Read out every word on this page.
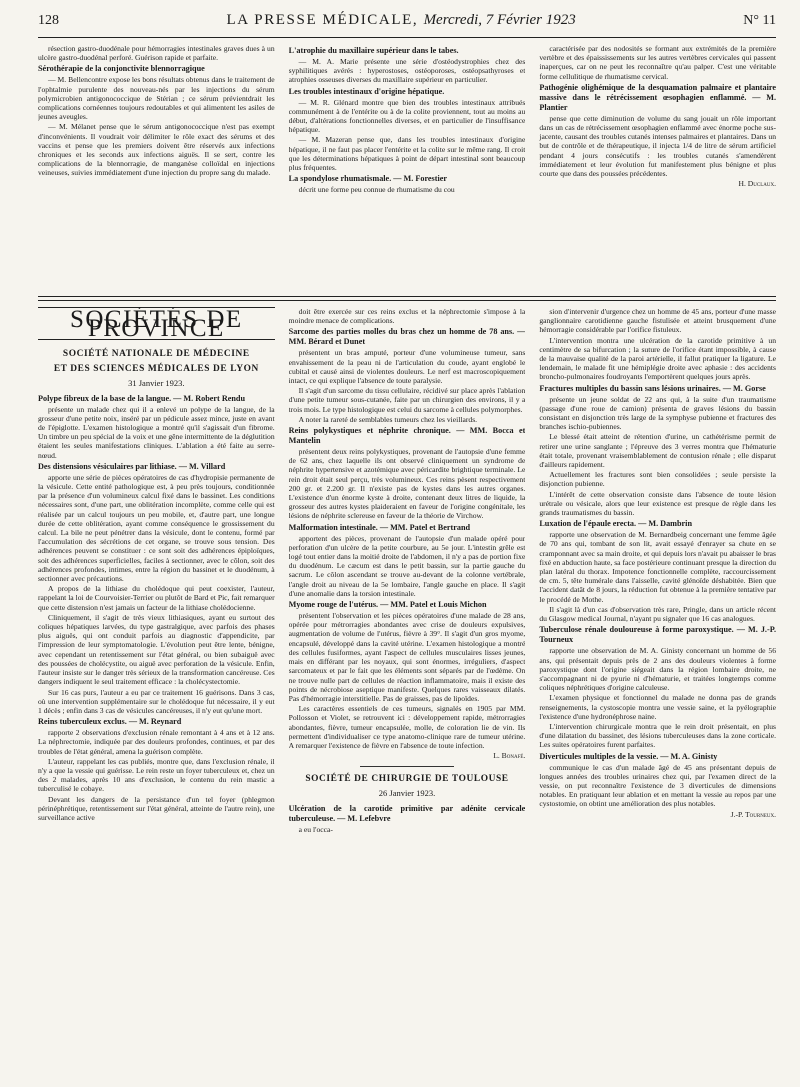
128	LA PRESSE MÉDICALE, Mercredi, 7 Février 1923	N° 11

résection gastro-duodénale pour hémorragies intestinales graves dues à un ulcère gastro-duodénal perforé. Guérison rapide et parfaite.

Sérothérapie de la conjonctivite blennorragique

— M. Bellencontre expose les bons résultats obtenus dans le traitement de l'ophtalmie purulente des nouveau-nés par les injections du sérum polymicrobien antigonococcique de Stérian ; ce sérum prévientdrait les complications cornéennes toujours redoutables et qui alimentent les asiles de jeunes aveugles.

— M. Mélanet pense que le sérum antigonococcique n'est pas exempt d'inconvénients. Il voudrait voir délimiter le rôle exact des sérums et des vaccins et pense que les premiers doivent être réservés aux infections chroniques et les seconds aux infections aiguës. Il se sert, contre les complications de la blennorragie, de manganèse colloïdal en injections veineuses, suivies immédiatement d'une injection du propre sang du malade.

L'atrophie du maxillaire supérieur dans le tabes.

— M. A. Marie présente une série d'ostéodystrophies chez des syphilitiques avérés : hyperostoses, ostéoporoses, ostéopsathyroses et atrophies osseuses diverses du maxillaire supérieur en particulier.

Les troubles intestinaux d'origine hépatique.

— M. R. Glénard montre que bien des troubles intestinaux attribués communément à de l'entérite ou à de la colite proviennent, tout au moins au début, d'altérations fonctionnelles diverses, et en particulier de l'insuffisance hépatique.

— M. Mazeran pense que, dans les troubles intestinaux d'origine hépatique, il ne faut pas placer l'entérite et la colite sur le même rang. Il croit que les déterminations hépatiques à point de départ intestinal sont beaucoup plus fréquentes.

La spondylose rhumatismale. — M. Forestier

décrit une forme peu connue de rhumatisme du cou

caractérisée par des nodosités se formant aux extrémités de la première vertèbre et des épaississements sur les autres vertèbres cervicales qui passent inaperçues, car on ne peut les reconnaître qu'au palper. C'est une véritable forme cellulitique de rhumatisme cervical.

Pathogénie olighémique de la desquamation palmaire et plantaire massive dans le rétrécissement œsophagien enflammé. — M. Plantier

pense que cette diminution de volume du sang jouait un rôle important dans un cas de rétrécissement œsophagien enflammé avec énorme poche sus-jacente, causant des troubles cutanés intenses palmaires et plantaires. Dans un but de contrôle et de thérapeutique, il injecta 1/4 de litre de sérum artificiel pendant 4 jours consécutifs : les troubles cutanés s'amendèrent immédiatement et leur évolution fut manifestement plus bénigne et plus courte que dans des poussées précédentes.

H. Duclaux.

SOCIÉTÉS DE PROVINCE
SOCIÉTÉ NATIONALE DE MÉDECINE
ET DES SCIENCES MÉDICALES DE LYON
31 Janvier 1923.

Polype fibreux de la base de la langue. — M. Robert Rendu

présente un malade chez qui il a enlevé un polype de la langue, de la grosseur d'une petite noix, inséré par un pédicule assez mince, juste en avant de l'épiglotte. L'examen histologique a montré qu'il s'agissait d'un fibrome. Un timbre un peu spécial de la voix et une gêne intermittente de la déglutition étaient les seules manifestations cliniques. L'ablation a été faite au serre-nœud.

Des distensions vésiculaires par lithiase. — M. Villard

apporte une série de pièces opératoires de cas d'hydropisie permanente de la vésicule. Cette entité pathologique est, à peu près toujours, conditionnée par la présence d'un volumineux calcul fixé dans le bassinet. Les conditions nécessaires sont, d'une part, une oblitération incomplète, comme celle qui est réalisée par un calcul toujours un peu mobile, et, d'autre part, une longue durée de cette oblitération, ayant comme conséquence le grossissement du calcul. La bile ne peut pénétrer dans la vésicule, dont le contenu, formé par l'accumulation des sécrétions de cet organe, se trouve sous tension. Des adhérences peuvent se constituer : ce sont soit des adhérences épiploïques, soit des adhérences superficielles, faciles à sectionner, avec le côlon, soit des adhérences profondes, intimes, entre la région du bassinet et le duodénum, à sectionner avec précautions.

A propos de la lithiase du cholédoque qui peut coexister, l'auteur, rappelant la loi de Courvoisier-Terrier ou plutôt de Bard et Pic, fait remarquer que cette distension n'est jamais un facteur de la lithiase cholédocienne.

Cliniquement, il s'agit de très vieux lithiasiques, ayant eu surtout des coliques hépatiques larvées, du type gastralgique, avec parfois des phases plus aiguës, qui ont conduit parfois au diagnostic d'appendicite, par l'impression de leur symptomatologie. L'évolution peut être lente, bénigne, avec cependant un retentissement sur l'état général, ou bien subaiguë avec des poussées de cholécystite, ou aiguë avec perforation de la vésicule. Enfin, l'auteur insiste sur le danger très sérieux de la transformation cancéreuse. Ces dangers indiquent le seul traitement efficace : la cholécystectomie.

Sur 16 cas purs, l'auteur a eu par ce traitement 16 guérisons. Dans 3 cas, où une intervention supplémentaire sur le cholédoque fut nécessaire, il y eut 1 décès ; enfin dans 3 cas de vésicules cancéreuses, il n'y eut qu'une mort.

Reins tuberculeux exclus. — M. Reynard

rapporte 2 observations d'exclusion rénale remontant à 4 ans et à 12 ans. La néphrectomie, indiquée par des douleurs profondes, continues, et par des troubles de l'état général, amena la guérison complète.

L'auteur, rappelant les cas publiés, montre que, dans l'exclusion rénale, il n'y a que la vessie qui guérisse. Le rein reste un foyer tuberculeux et, chez un des 2 malades, après 10 ans d'exclusion, le contenu du rein mastic a tuberculisé le cobaye.

Devant les dangers de la persistance d'un tel foyer (phlegmon périnéphrétique, retentissement sur l'état général, atteinte de l'autre rein), une surveillance active

doit être exercée sur ces reins exclus et la néphrectomie s'impose à la moindre menace de complications.

Sarcome des parties molles du bras chez un homme de 78 ans. — MM. Bérard et Dunet

présentent un bras amputé, porteur d'une volumineuse tumeur, sans envahissement de la peau ni de l'articulation du coude, ayant englobé le cubital et causé ainsi de violentes douleurs. Le nerf est macroscopiquement intact, ce qui explique l'absence de toute paralysie.

Il s'agit d'un sarcome du tissu cellulaire, récidivé sur place après l'ablation d'une petite tumeur sous-cutanée, faite par un chirurgien des environs, il y a trois mois. Le type histologique est celui du sarcome à cellules polymorphes.

A noter la rareté de semblables tumeurs chez les vieillards.

Reins polykystiques et néphrite chronique. — MM. Bocca et Mantelin

présentent deux reins polykystiques, provenant de l'autopsie d'une femme de 62 ans, chez laquelle ils ont observé cliniquement un syndrome de néphrite hypertensive et azotémique avec péricardite brightique terminale. Le rein droit était seul perçu, très volumineux. Ces reins pèsent respectivement 200 gr. et 2.200 gr. Il n'existe pas de kystes dans les autres organes. L'existence d'un énorme kyste à droite, contenant deux litres de liquide, la grosseur des autres kystes plaideraient en faveur de l'origine congénitale, les lésions de néphrite sclereuse en faveur de la théorie de Virchow.

Malformation intestinale. — MM. Patel et Bertrand

apportent des pièces, provenant de l'autopsie d'un malade opéré pour perforation d'un ulcère de la petite courbure, au 5e jour. L'intestin grêle est logé tout entier dans la moitié droite de l'abdomen, il n'y a pas de portion fixe du duodénum. Le cæcum est dans le petit bassin, sur la partie gauche du sacrum. Le côlon ascendant se trouve au-devant de la colonne vertébrale, l'angle droit au niveau de la 5e lombaire, l'angle gauche en place. Il s'agit d'une anomalie dans la torsion intestinale.

Myome rouge de l'utérus. — MM. Patel et Louis Michon

présentent l'observation et les pièces opératoires d'une malade de 28 ans, opérée pour métrorragies abondantes avec crise de douleurs expulsives, augmentation de volume de l'utérus, fièvre à 39°. Il s'agit d'un gros myome, encapsulé, développé dans la cavité utérine. L'examen histologique a montré des cellules fusiformes, ayant l'aspect de cellules musculaires lisses jeunes, mais en différant par les noyaux, qui sont énormes, irréguliers, d'aspect sarcomateux et par le fait que les éléments sont séparés par de l'œdème. On ne trouve nulle part de cellules de réaction inflammatoire, mais il existe des points de nécrobiose aseptique manifeste. Quelques rares vaisseaux dilatés. Pas d'hémorragie interstitielle. Pas de graisses, pas de lipoïdes.

Les caractères essentiels de ces tumeurs, signalés en 1905 par MM. Pollosson et Violet, se retrouvent ici : développement rapide, métrorragies abondantes, fièvre, tumeur encapsulée, molle, de coloration lie de vin. Ils permettent d'individualiser ce type anatomo-clinique rare de tumeur utérine. A remarquer l'existence de fièvre en l'absence de toute infection.

L. Bonafé.

SOCIÉTÉ DE CHIRURGIE DE TOULOUSE
26 Janvier 1923.

Ulcération de la carotide primitive par adénite cervicale tuberculeuse. — M. Lefebvre

a eu l'occa-

sion d'intervenir d'urgence chez un homme de 45 ans, porteur d'une masse ganglionnaire carotidienne gauche fistulisée et atteint brusquement d'une hémorragie considérable par l'orifice fistuleux.

L'intervention montra une ulcération de la carotide primitive à un centimètre de sa bifurcation ; la suture de l'orifice étant impossible, à cause de la mauvaise qualité de la paroi artérielle, il fallut pratiquer la ligature. Le lendemain, le malade fit une hémiplégie droite avec aphasie : des accidents broncho-pulmonaires foudroyants l'emportèrent quelques jours après.

Fractures multiples du bassin sans lésions urinaires. — M. Gorse

présente un jeune soldat de 22 ans qui, à la suite d'un traumatisme (passage d'une roue de camion) présenta de graves lésions du bassin consistant en disjonction très large de la symphyse pubienne et fractures des branches ischio-pubiennes.

Le blessé était atteint de rétention d'urine, un cathétérisme permit de retirer une urine sanglante ; l'épreuve des 3 verres montra que l'hématurie était totale, provenant vraisemblablement de contusion rénale ; elle disparut d'ailleurs rapidement.

Actuellement les fractures sont bien consolidées ; seule persiste la disjonction pubienne.

L'intérêt de cette observation consiste dans l'absence de toute lésion urétrale ou vésicale, alors que leur existence est presque de règle dans les grands traumatismes du bassin.

Luxation de l'épaule erecta. — M. Dambrin

rapporte une observation de M. Bernardbeig concernant une femme âgée de 70 ans qui, tombant de son lit, avait essayé d'enrayer sa chute en se cramponnant avec sa main droite, et qui depuis lors n'avait pu abaisser le bras fixé en abduction haute, sa face postérieure continuant presque la direction du plan latéral du thorax. Impotence fonctionnelle complète, raccourcissement de cm. 5, tête humérale dans l'aisselle, cavité glénoïde déshabitée. Bien que l'accident datât de 8 jours, la réduction fut obtenue à la première tentative par le procédé de Mothe.

Il s'agit là d'un cas d'observation très rare, Pringle, dans un article récent du Glasgow medical Journal, n'ayant pu signaler que 16 cas analogues.

Tuberculose rénale douloureuse à forme paroxystique. — M. J.-P. Tourneux

rapporte une observation de M. A. Ginisty concernant un homme de 56 ans, qui présentait depuis près de 2 ans des douleurs violentes à forme paroxystique dont l'origine siégeait dans la région lombaire droite, ne s'accompagnant ni de pyurie ni d'hématurie, et traitées longtemps comme coliques néphrétiques d'origine calculeuse.

L'examen physique et fonctionnel du malade ne donna pas de grands renseignements, la cystoscopie montra une vessie saine, et la pyélographie l'existence d'une hydronéphrose naine.

L'intervention chirurgicale montra que le rein droit présentait, en plus d'une dilatation du bassinet, des lésions tuberculeuses dans la zone corticale. Les suites opératoires furent parfaites.

Diverticules multiples de la vessie. — M. A. Ginisty

communique le cas d'un malade âgé de 45 ans présentant depuis de longues années des troubles urinaires chez qui, par l'examen direct de la vessie, on put reconnaître l'existence de 3 diverticules de dimensions notables. En pratiquant leur ablation et en mettant la vessie au repos par une cystostomie, on obtint une amélioration des plus notables.

J.-P. Tourneux.
